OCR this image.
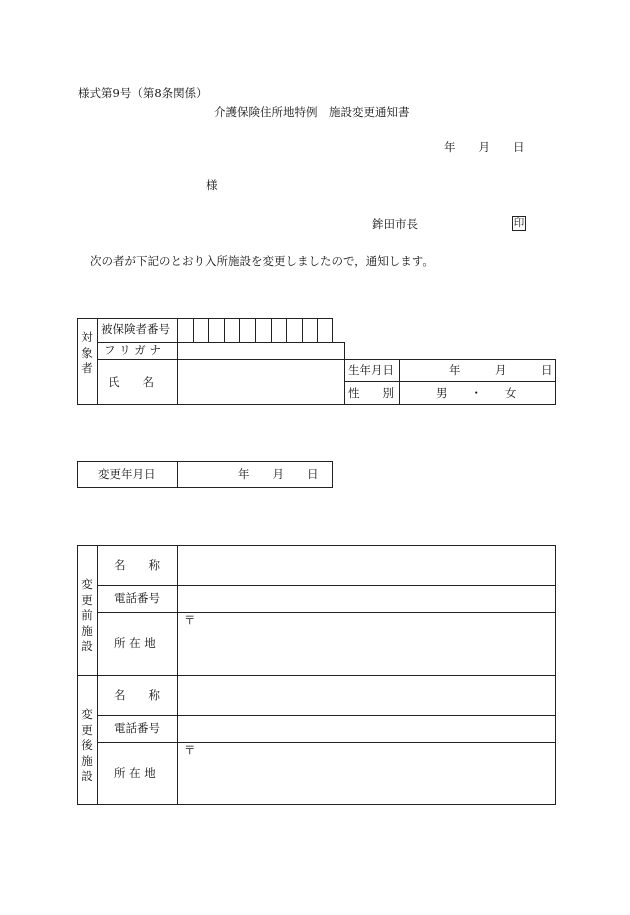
様式第9号（第8条関係）
介護保険住所地特例　施設変更通知書
年　　月　　日
様
鉾田市長	印
次の者が下記のとおり入所施設を変更しましたので，通知します。
対象者
被保険者番号
フ リ ガ ナ
氏　　名
生年月日	年　　　月　　　日
性　　別	男　　・　　女
変更年月日	年　　月　　日
変更前施設
名　　称
電話番号
所 在 地
〒
変更後施設
名　　称
電話番号
所 在 地
〒
